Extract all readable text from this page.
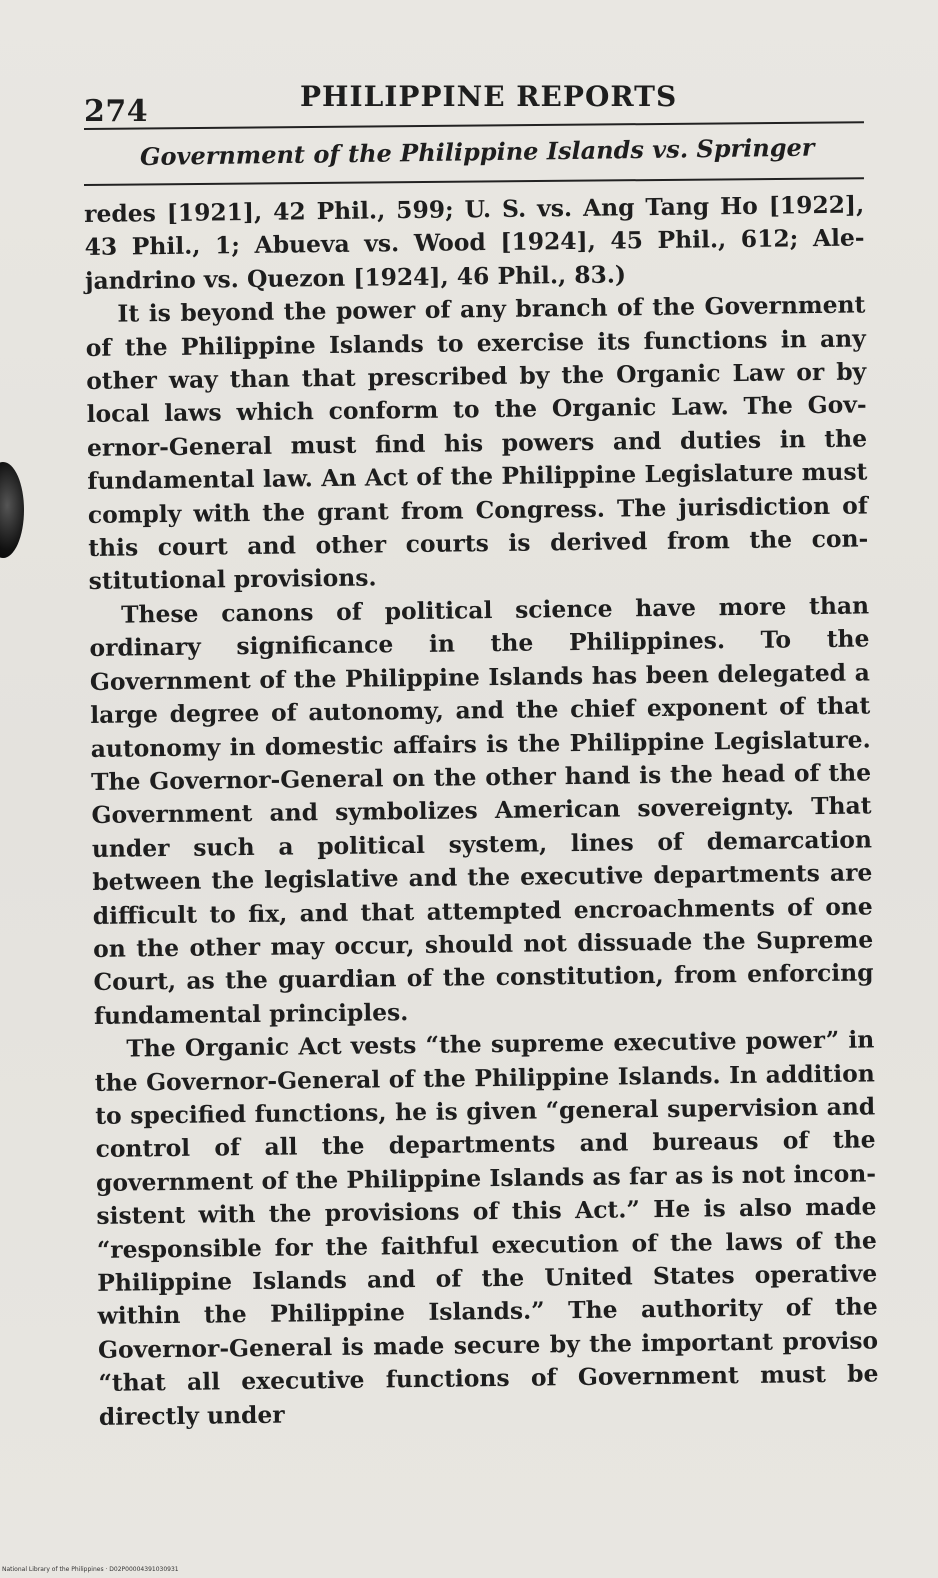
274	PHILIPPINE REPORTS
Government of the Philippine Islands vs. Springer

redes [1921], 42 Phil., 599; U. S. vs. Ang Tang Ho [1922], 43 Phil., 1; Abueva vs. Wood [1924], 45 Phil., 612; Alejandrino vs. Quezon [1924], 46 Phil., 83.)

It is beyond the power of any branch of the Government of the Philippine Islands to exercise its functions in any other way than that prescribed by the Organic Law or by local laws which conform to the Organic Law. The Governor-General must find his powers and duties in the fundamental law. An Act of the Philippine Legislature must comply with the grant from Congress. The jurisdiction of this court and other courts is derived from the constitutional provisions.

These canons of political science have more than ordinary significance in the Philippines. To the Government of the Philippine Islands has been delegated a large degree of autonomy, and the chief exponent of that autonomy in domestic affairs is the Philippine Legislature. The Governor-General on the other hand is the head of the Government and symbolizes American sovereignty. That under such a political system, lines of demarcation between the legislative and the executive departments are difficult to fix, and that attempted encroachments of one on the other may occur, should not dissuade the Supreme Court, as the guardian of the constitution, from enforcing fundamental principles.

The Organic Act vests “the supreme executive power” in the Governor-General of the Philippine Islands. In addition to specified functions, he is given “general supervision and control of all the departments and bureaus of the government of the Philippine Islands as far as is not inconsistent with the provisions of this Act.” He is also made “responsible for the faithful execution of the laws of the Philippine Islands and of the United States operative within the Philippine Islands.” The authority of the Governor-General is made secure by the important proviso “that all executive functions of Government must be directly under

National Library of the Philippines · D02P00004391030931
